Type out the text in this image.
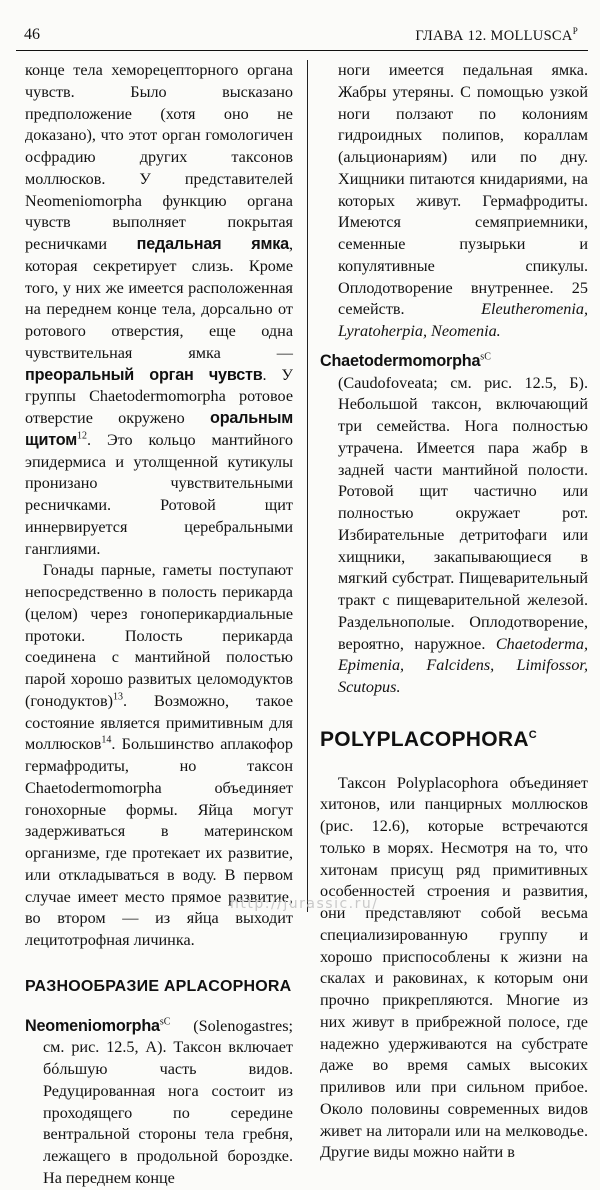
46	ГЛАВА 12. $MOLLUSCA^P$

конце тела хеморецепторного органа чувств. Было высказано предположение (хотя оно не доказано), что этот орган гомологичен осфрадию других таксонов моллюсков. У представителей Neomeniomorpha функцию органа чувств выполняет покрытая ресничками педальная ямка, которая секретирует слизь. Кроме того, у них же имеется расположенная на переднем конце тела, дорсально от ротового отверстия, еще одна чувствительная ямка — преоральный орган чувств. У группы Chaetodermomorpha ротовое отверстие окружено оральным щитом$^{12}$. Это кольцо мантийного эпидермиса и утолщенной кутикулы пронизано чувствительными ресничками. Ротовой щит иннервируется церебральными ганглиями.

Гонады парные, гаметы поступают непосредственно в полость перикарда (целом) через гоноперикардиальные протоки. Полость перикарда соединена с мантийной полостью парой хорошо развитых целомодуктов (гонодуктов)$^{13}$. Возможно, такое состояние является примитивным для моллюсков$^{14}$. Большинство аплакофор гермафродиты, но таксон Chaetodermomorpha объединяет гонохорные формы. Яйца могут задерживаться в материнском организме, где протекает их развитие, или откладываться в воду. В первом случае имеет место прямое развитие, во втором — из яйца выходит лецитотрофная личинка.

РАЗНООБРАЗИЕ APLACOPHORA

Neomeniomorpha$^{sC}$ (Solenogastres; см. рис. 12.5, А). Таксон включает бóльшую часть видов. Редуцированная нога состоит из проходящего по середине вентральной стороны тела гребня, лежащего в продольной бороздке. На переднем конце

ноги имеется педальная ямка. Жабры утеряны. С помощью узкой ноги ползают по колониям гидроидных полипов, кораллам (альционариям) или по дну. Хищники питаются книдариями, на которых живут. Гермафродиты. Имеются семяприемники, семенные пузырьки и копулятивные спикулы. Оплодотворение внутреннее. 25 семейств. Eleutheromenia, Lyratoherpia, Neomenia.

Chaetodermomorpha$^{sC}$ (Caudofoveata; см. рис. 12.5, Б). Небольшой таксон, включающий три семейства. Нога полностью утрачена. Имеется пара жабр в задней части мантийной полости. Ротовой щит частично или полностью окружает рот. Избирательные детритофаги или хищники, закапывающиеся в мягкий субстрат. Пищеварительный тракт с пищеварительной железой. Раздельнополые. Оплодотворение, вероятно, наружное. Chaetoderma, Epimenia, Falcidens, Limifossor, Scutopus.

$POLYPLACOPHORA^C$

Таксон Polyplacophora объединяет хитонов, или панцирных моллюсков (рис. 12.6), которые встречаются только в морях. Несмотря на то, что хитонам присущ ряд примитивных особенностей строения и развития, они представляют собой весьма специализированную группу и хорошо приспособлены к жизни на скалах и раковинах, к которым они прочно прикрепляются. Многие из них живут в прибрежной полосе, где надежно удерживаются на субстрате даже во время самых высоких приливов или при сильном прибое. Около половины современных видов живет на литорали или на мелководье. Другие виды можно найти в

http://jurassic.ru/
